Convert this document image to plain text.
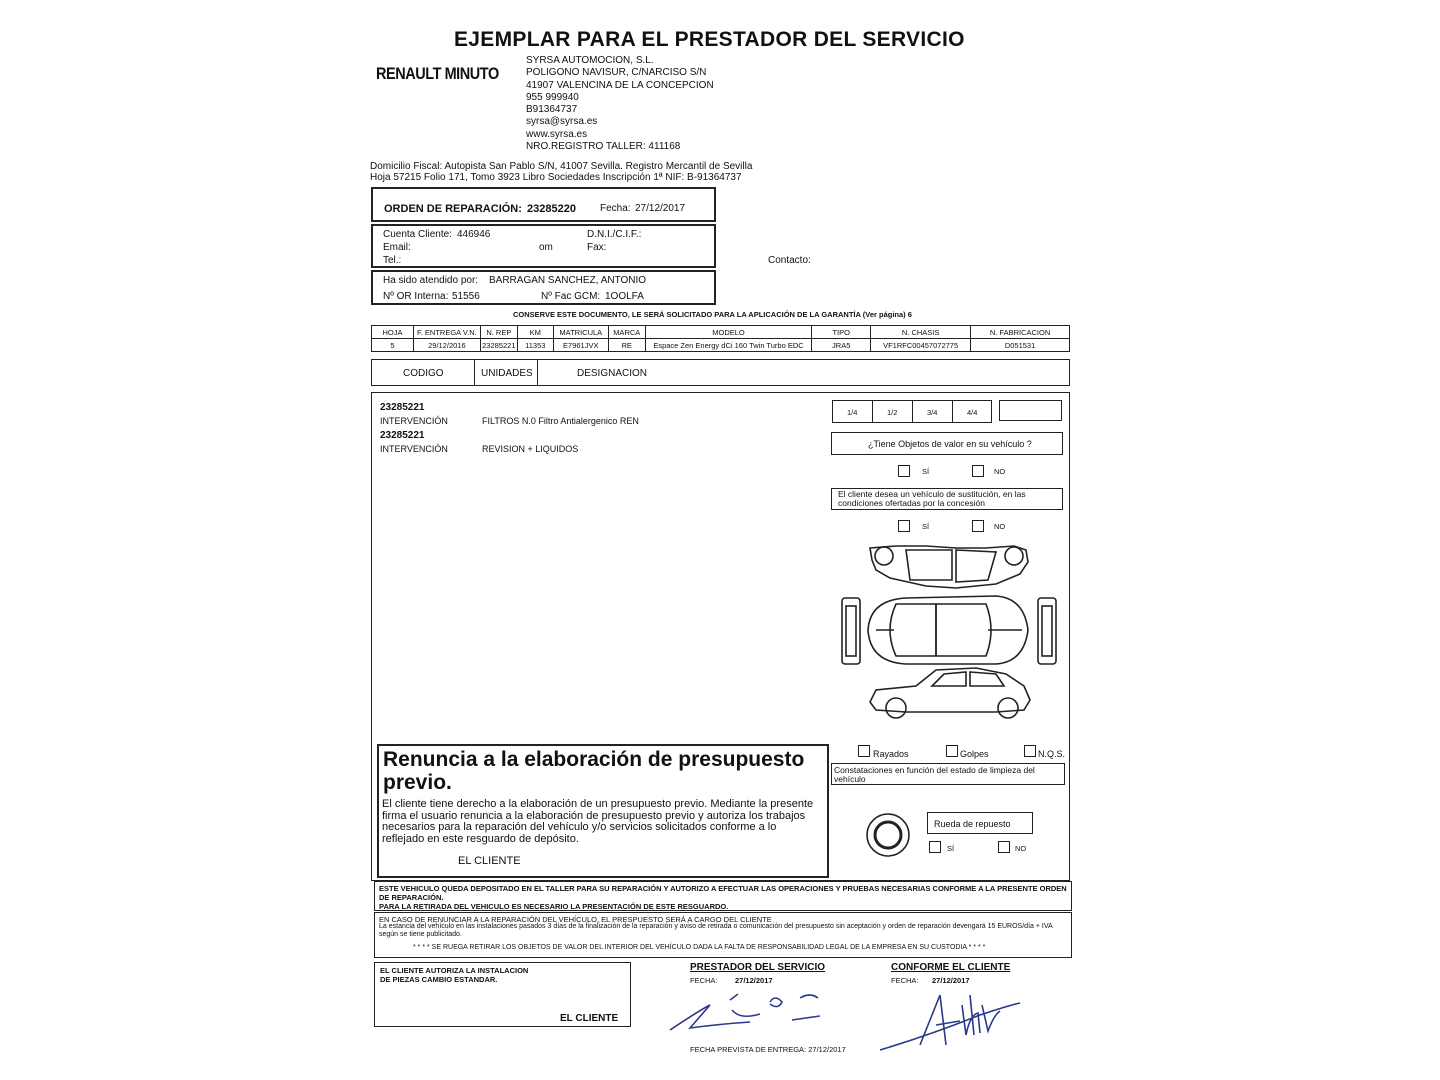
EJEMPLAR PARA EL PRESTADOR DEL SERVICIO
RENAULT MINUTO
SYRSA AUTOMOCION, S.L.
POLIGONO NAVISUR, C/NARCISO S/N
41907 VALENCINA DE LA CONCEPCION
955 999940
B91364737
syrsa@syrsa.es
www.syrsa.es
NRO.REGISTRO TALLER: 411168
Domicilio Fiscal: Autopista San Pablo S/N, 41007 Sevilla. Registro Mercantil de Sevilla
Hoja 57215 Folio 171, Tomo 3923 Libro Sociedades Inscripción 1ª NIF: B-91364737
ORDEN DE REPARACIÓN: 23285220 Fecha: 27/12/2017
Cuenta Cliente: 446946	D.N.I./C.I.F.:
Email:	om	Fax:
Tel.:	Contacto:
Ha sido atendido por: BARRAGAN SANCHEZ, ANTONIO
Nº OR Interna: 51556	Nº Fac GCM: 1OOLFA
CONSERVE ESTE DOCUMENTO, LE SERÁ SOLICITADO PARA LA APLICACIÓN DE LA GARANTÍA (Ver página) 6
HOJA	F. ENTREGA V.N.	N. REP	KM	MATRICULA	MARCA	MODELO	TIPO	N. CHASIS	N. FABRICACION
5	29/12/2016	23285221	11353	E7961JVX	RE	Espace Zen Energy dCi 160 Twin Turbo EDC	JRA5	VF1RFC00457072775	D051531
CODIGO	UNIDADES	DESIGNACION
23285221
INTERVENCIÓN	FILTROS N.0 Filtro Antialergenico REN
23285221
INTERVENCIÓN	REVISION + LIQUIDOS
1/4	1/2	3/4	4/4
¿Tiene Objetos de valor en su vehículo ?
SÍ	NO
El cliente desea un vehículo de sustitución, en las condiciones ofertadas por la concesión
SÍ	NO
Rayados	Golpes	N.Q.S.
Constataciones en función del estado de limpieza del vehículo
Rueda de repuesto
SÍ	NO
Renuncia a la elaboración de presupuesto previo.
El cliente tiene derecho a la elaboración de un presupuesto previo. Mediante la presente firma el usuario renuncia a la elaboración de presupuesto previo y autoriza los trabajos necesarios para la reparación del vehículo y/o servicios solicitados conforme a lo reflejado en este resguardo de depósito.
EL CLIENTE
ESTE VEHICULO QUEDA DEPOSITADO EN EL TALLER PARA SU REPARACIÓN Y AUTORIZO A EFECTUAR LAS OPERACIONES Y PRUEBAS NECESARIAS CONFORME A LA PRESENTE ORDEN DE REPARACIÓN.
PARA LA RETIRADA DEL VEHICULO ES NECESARIO LA PRESENTACIÓN DE ESTE RESGUARDO.
EN CASO DE RENUNCIAR A LA REPARACIÓN DEL VEHÍCULO, EL PRESPUESTO SERÁ A CARGO DEL CLIENTE
La estancia del vehículo en las instalaciones pasados 3 días de la finalización de la reparación y aviso de retirada o comunicación del presupuesto sin aceptación y orden de reparación devengará 15 EUROS/día + IVA según se tiene publicitado.
* * * * SE RUEGA RETIRAR LOS OBJETOS DE VALOR DEL INTERIOR DEL VEHÍCULO DADA LA FALTA DE RESPONSABILIDAD LEGAL DE LA EMPRESA EN SU CUSTODIA * * * *
EL CLIENTE AUTORIZA LA INSTALACION DE PIEZAS CAMBIO ESTANDAR.
EL CLIENTE
PRESTADOR DEL SERVICIO
FECHA: 27/12/2017
CONFORME EL CLIENTE
FECHA: 27/12/2017
FECHA PREVISTA DE ENTREGA: 27/12/2017
